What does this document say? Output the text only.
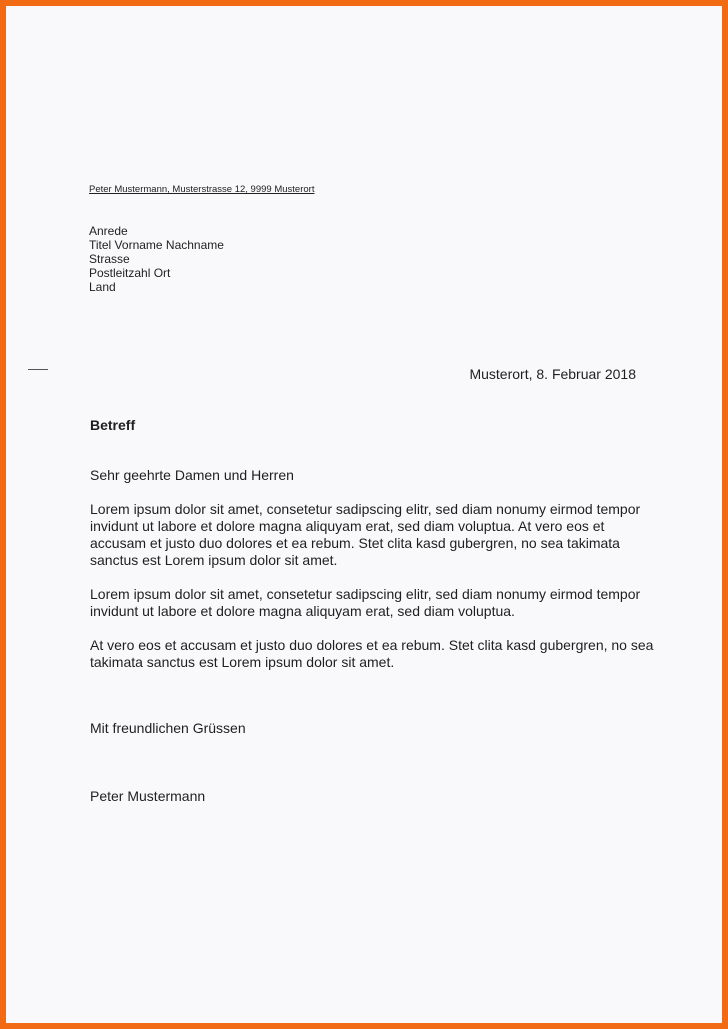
Peter Mustermann, Musterstrasse 12, 9999 Musterort
Anrede
Titel Vorname Nachname
Strasse
Postleitzahl Ort
Land
Musterort, 8. Februar 2018
Betreff

Sehr geehrte Damen und Herren

Lorem ipsum dolor sit amet, consetetur sadipscing elitr, sed diam nonumy eirmod tempor invidunt ut labore et dolore magna aliquyam erat, sed diam voluptua. At vero eos et accusam et justo duo dolores et ea rebum. Stet clita kasd gubergren, no sea takimata sanctus est Lorem ipsum dolor sit amet.

Lorem ipsum dolor sit amet, consetetur sadipscing elitr, sed diam nonumy eirmod tempor invidunt ut labore et dolore magna aliquyam erat, sed diam voluptua.

At vero eos et accusam et justo duo dolores et ea rebum. Stet clita kasd gubergren, no sea takimata sanctus est Lorem ipsum dolor sit amet.

Mit freundlichen Grüssen
Peter Mustermann
